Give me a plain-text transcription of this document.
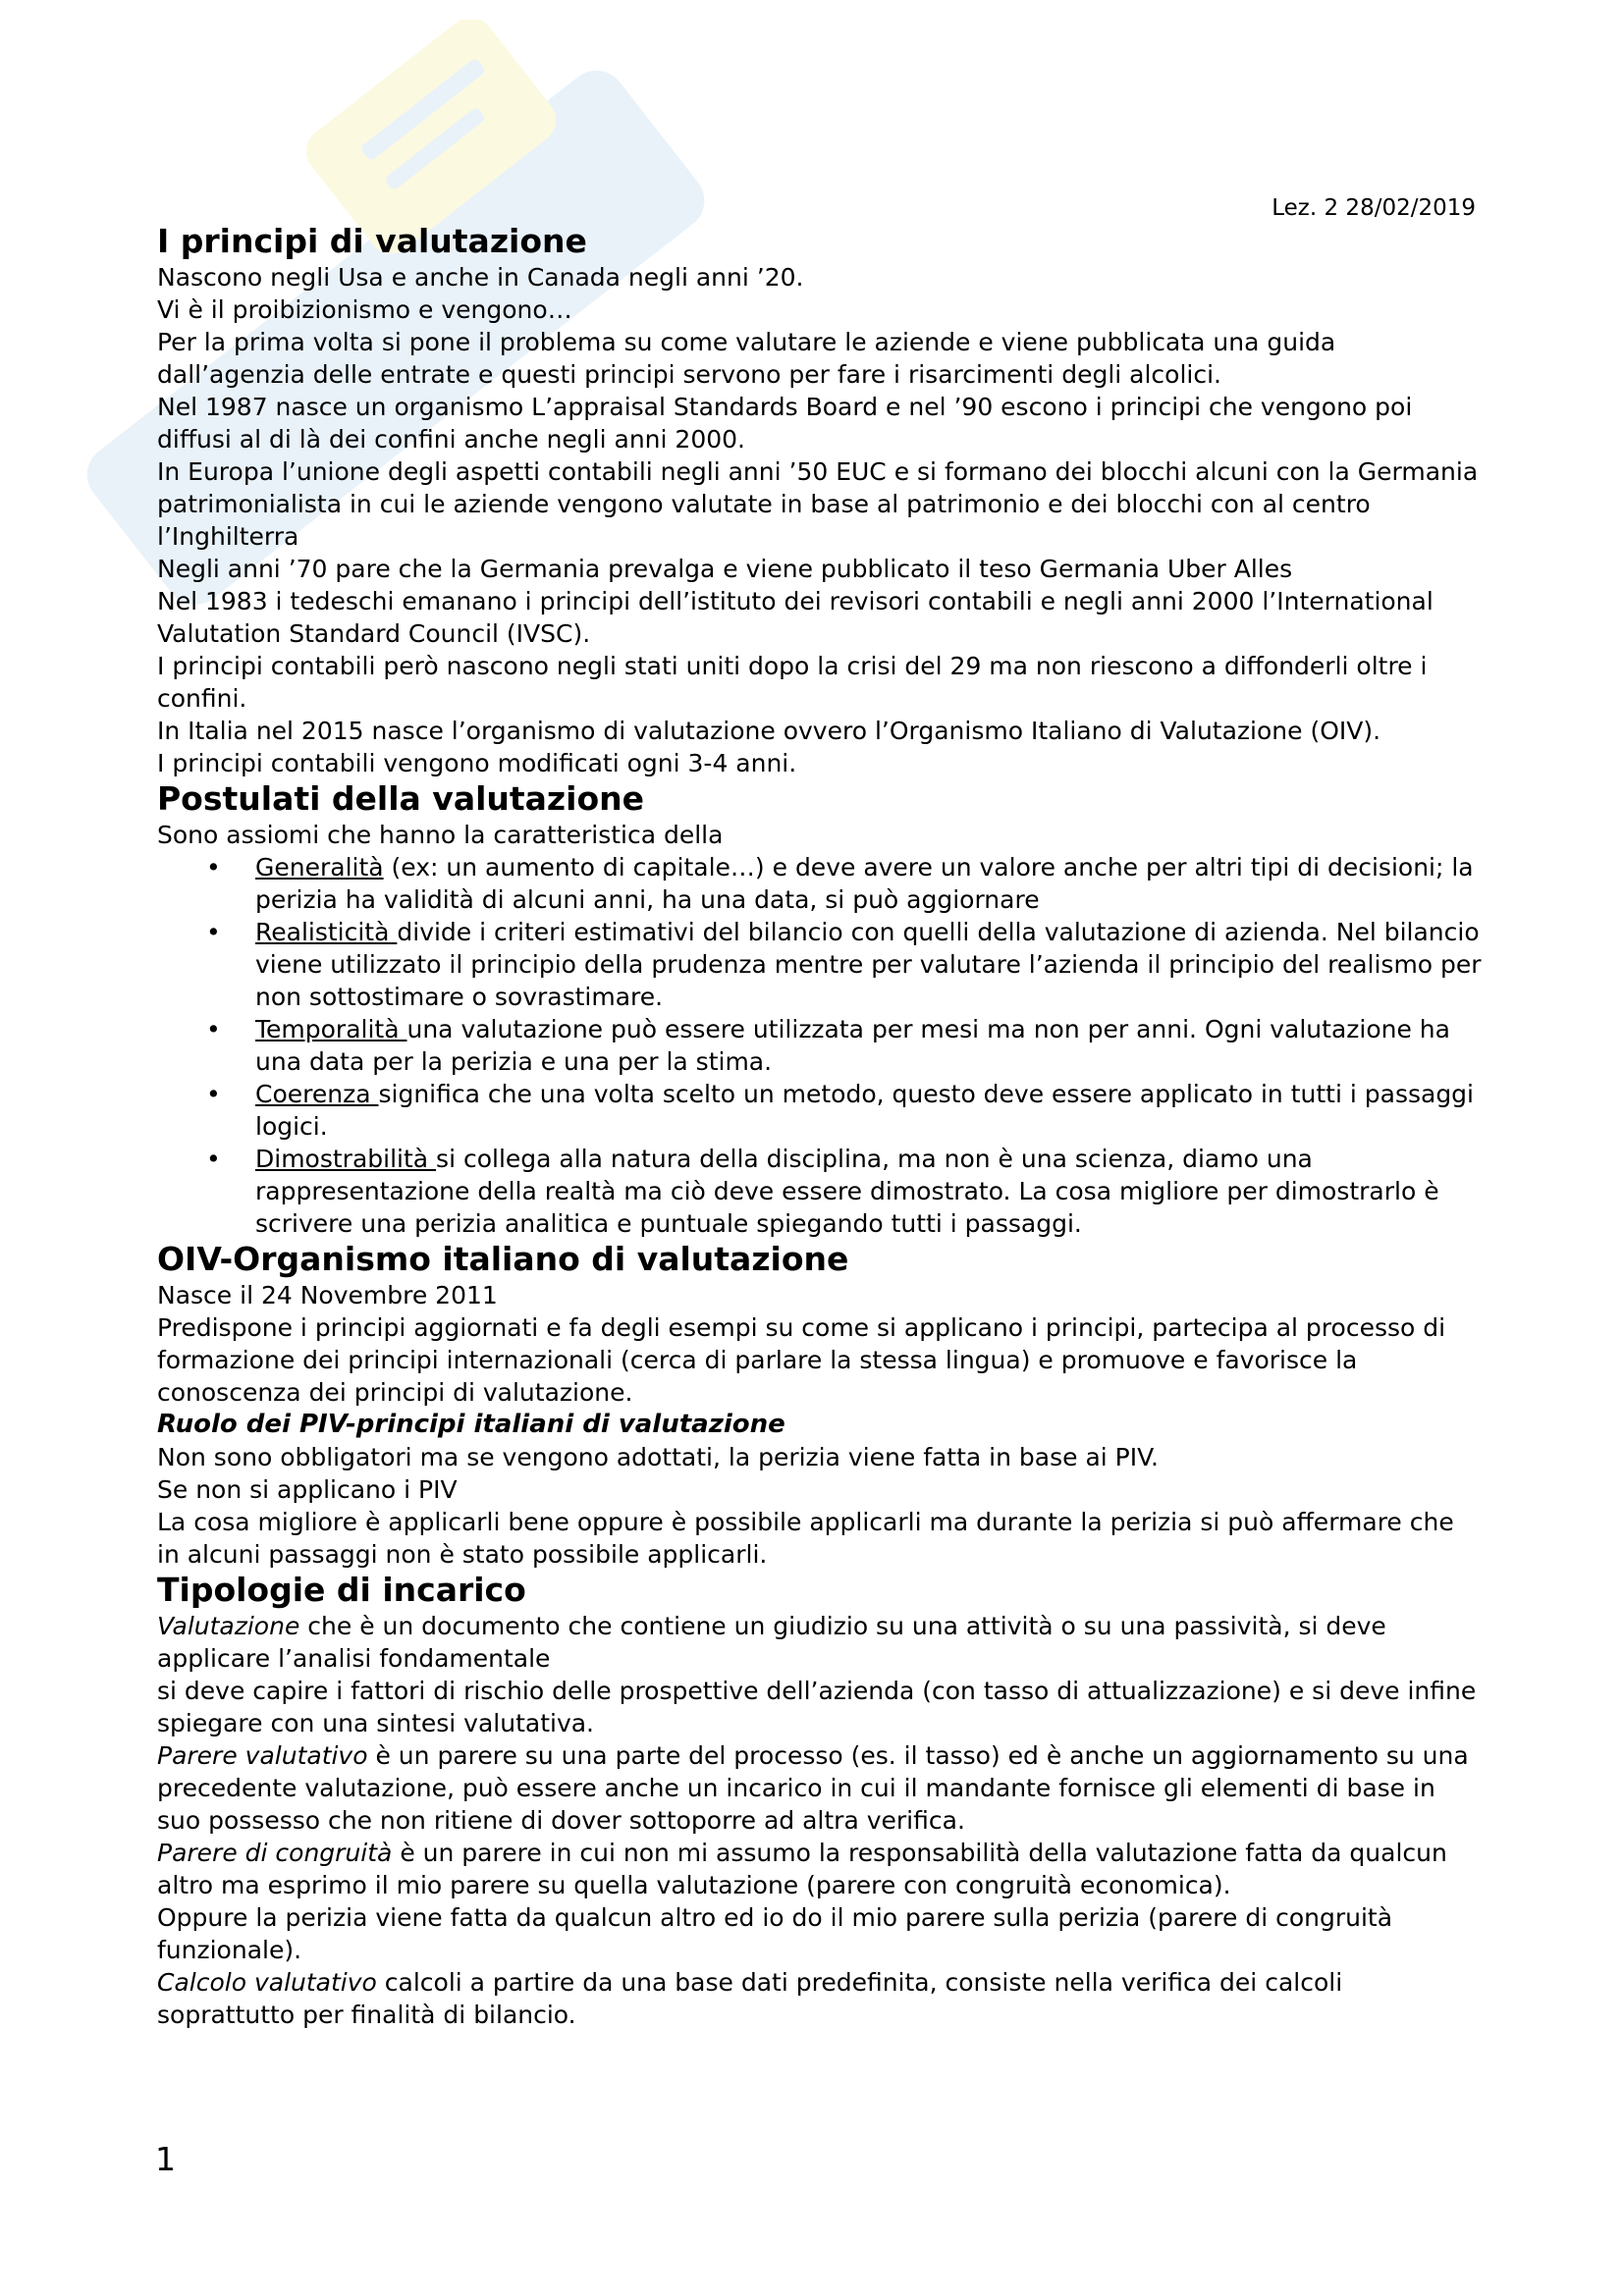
Lez. 2 28/02/2019
I principi di valutazione

Nascono negli Usa e anche in Canada negli anni ’20.

Vi è il proibizionismo e vengono…

Per la prima volta si pone il problema su come valutare le aziende e viene pubblicata una guida dall’agenzia delle entrate e questi principi servono per fare i risarcimenti degli alcolici.

Nel 1987 nasce un organismo L’appraisal Standards Board e nel ’90 escono i principi che vengono poi diffusi al di là dei confini anche negli anni 2000.

In Europa l’unione degli aspetti contabili negli anni ’50 EUC e si formano dei blocchi alcuni con la Germania patrimonialista in cui le aziende vengono valutate in base al patrimonio e dei blocchi con al centro l’Inghilterra

Negli anni ’70 pare che la Germania prevalga e viene pubblicato il teso Germania Uber Alles

Nel 1983 i tedeschi emanano i principi dell’istituto dei revisori contabili e negli anni 2000 l’International Valutation Standard Council (IVSC).

I principi contabili però nascono negli stati uniti dopo la crisi del 29 ma non riescono a diffonderli oltre i confini.

In Italia nel 2015 nasce l’organismo di valutazione ovvero l’Organismo Italiano di Valutazione (OIV).

I principi contabili vengono modificati ogni 3-4 anni.

Postulati della valutazione

Sono assiomi che hanno la caratteristica della

• Generalità (ex: un aumento di capitale…) e deve avere un valore anche per altri tipi di decisioni; la perizia ha validità di alcuni anni, ha una data, si può aggiornare
• Realisticità divide i criteri estimativi del bilancio con quelli della valutazione di azienda. Nel bilancio viene utilizzato il principio della prudenza mentre per valutare l’azienda il principio del realismo per non sottostimare o sovrastimare.
• Temporalità una valutazione può essere utilizzata per mesi ma non per anni. Ogni valutazione ha una data per la perizia e una per la stima.
• Coerenza significa che una volta scelto un metodo, questo deve essere applicato in tutti i passaggi logici.
• Dimostrabilità si collega alla natura della disciplina, ma non è una scienza, diamo una rappresentazione della realtà ma ciò deve essere dimostrato. La cosa migliore per dimostrarlo è scrivere una perizia analitica e puntuale spiegando tutti i passaggi.
OIV-Organismo italiano di valutazione

Nasce il 24 Novembre 2011

Predispone i principi aggiornati e fa degli esempi su come si applicano i principi, partecipa al processo di formazione dei principi internazionali (cerca di parlare la stessa lingua) e promuove e favorisce la conoscenza dei principi di valutazione.

Ruolo dei PIV-principi italiani di valutazione

Non sono obbligatori ma se vengono adottati, la perizia viene fatta in base ai PIV.

Se non si applicano i PIV

La cosa migliore è applicarli bene oppure è possibile applicarli ma durante la perizia si può affermare che in alcuni passaggi non è stato possibile applicarli.

Tipologie di incarico

Valutazione che è un documento che contiene un giudizio su una attività o su una passività, si deve applicare l’analisi fondamentale

si deve capire i fattori di rischio delle prospettive dell’azienda (con tasso di attualizzazione) e si deve infine spiegare con una sintesi valutativa.

Parere valutativo è un parere su una parte del processo (es. il tasso) ed è anche un aggiornamento su una precedente valutazione, può essere anche un incarico in cui il mandante fornisce gli elementi di base in suo possesso che non ritiene di dover sottoporre ad altra verifica.

Parere di congruità è un parere in cui non mi assumo la responsabilità della valutazione fatta da qualcun altro ma esprimo il mio parere su quella valutazione (parere con congruità economica).

Oppure la perizia viene fatta da qualcun altro ed io do il mio parere sulla perizia (parere di congruità funzionale).

Calcolo valutativo calcoli a partire da una base dati predefinita, consiste nella verifica dei calcoli soprattutto per finalità di bilancio.

1
